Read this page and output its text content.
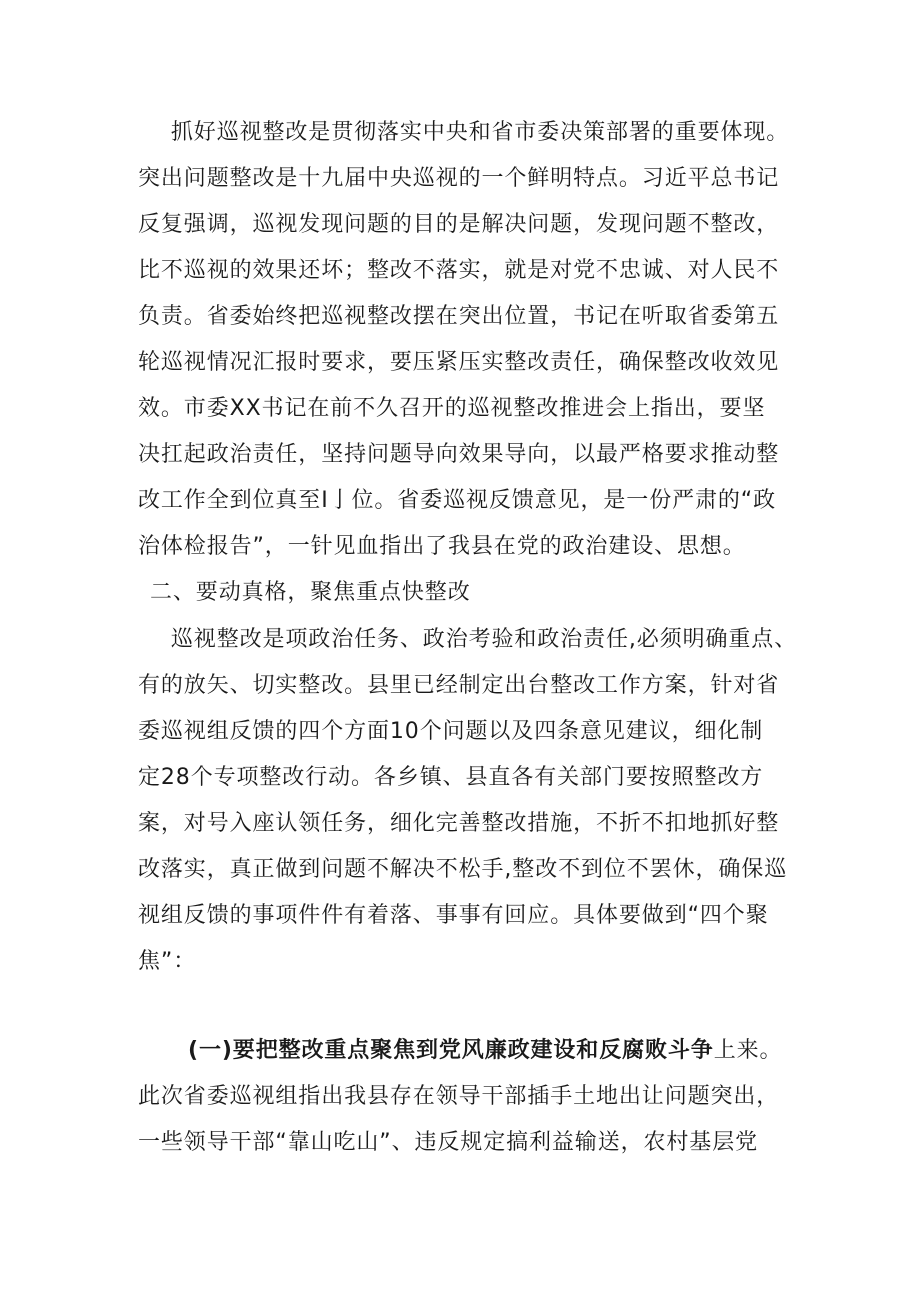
　抓好巡视整改是贯彻落实中央和省市委决策部署的重要体现。
突出问题整改是十九届中央巡视的一个鲜明特点。习近平总书记
反复强调，巡视发现问题的目的是解决问题，发现问题不整改，
比不巡视的效果还坏；整改不落实，就是对党不忠诚、对人民不
负责。省委始终把巡视整改摆在突出位置，书记在听取省委第五
轮巡视情况汇报时要求，要压紧压实整改责任，确保整改收效见
效。市委XX书记在前不久召开的巡视整改推进会上指出，要坚
决扛起政治责任，坚持问题导向效果导向，以最严格要求推动整
改工作全到位真至I亅位。省委巡视反馈意见，是一份严肃的“政
治体检报告”，一针见血指出了我县在党的政治建设、思想。
二、要动真格，聚焦重点快整改
　巡视整改是项政治任务、政治考验和政治责任,必须明确重点、
有的放矢、切实整改。县里已经制定出台整改工作方案，针对省
委巡视组反馈的四个方面10个问题以及四条意见建议，细化制
定28个专项整改行动。各乡镇、县直各有关部门要按照整改方
案，对号入座认领任务，细化完善整改措施，不折不扣地抓好整
改落实，真正做到问题不解决不松手,整改不到位不罢休，确保巡
视组反馈的事项件件有着落、事事有回应。具体要做到“四个聚
焦”：
(一)要把整改重点聚焦到党风廉政建设和反腐败斗争上来。
此次省委巡视组指出我县存在领导干部插手土地出让问题突出，
一些领导干部“靠山吃山”、违反规定搞利益输送，农村基层党
